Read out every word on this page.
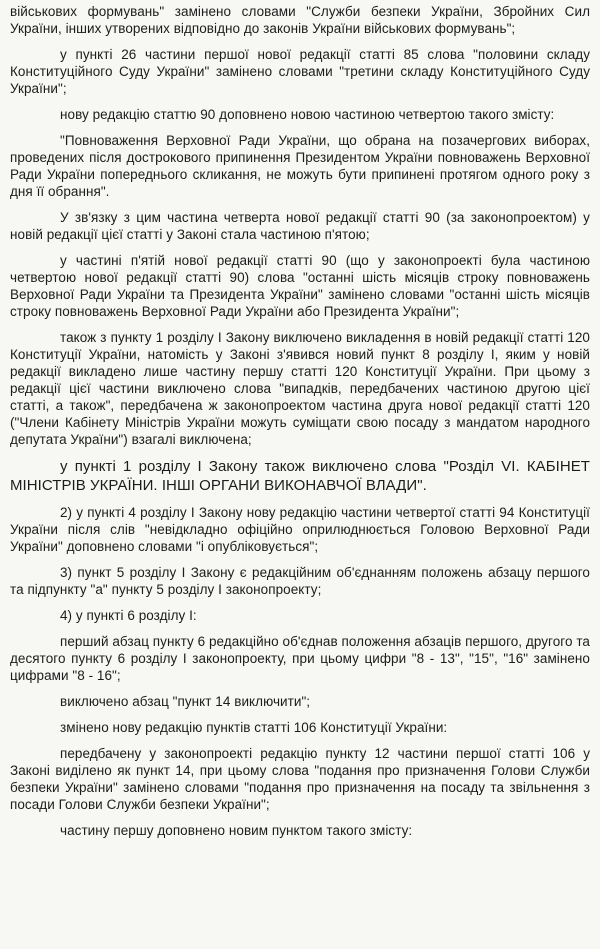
військових формувань" замінено словами "Служби безпеки України, Збройних Сил України, інших утворених відповідно до законів України військових формувань";

у пункті 26 частини першої нової редакції статті 85 слова "половини складу Конституційного Суду України" замінено словами "третини складу Конституційного Суду України";

нову редакцію статтю 90 доповнено новою частиною четвертою такого змісту:

"Повноваження Верховної Ради України, що обрана на позачергових виборах, проведених після дострокового припинення Президентом України повноважень Верховної Ради України попереднього скликання, не можуть бути припинені протягом одного року з дня її обрання".

У зв'язку з цим частина четверта нової редакції статті 90 (за законопроектом) у новій редакції цієї статті у Законі стала частиною п'ятою;

у частині п'ятій нової редакції статті 90 (що у законопроекті була частиною четвертою нової редакції статті 90) слова "останні шість місяців строку повноважень Верховної Ради України та Президента України" замінено словами "останні шість місяців строку повноважень Верховної Ради України або Президента України";

також з пункту 1 розділу I Закону виключено викладення в новій редакції статті 120 Конституції України, натомість у Законі з'явився новий пункт 8 розділу I, яким у новій редакції викладено лише частину першу статті 120 Конституції України. При цьому з редакції цієї частини виключено слова "випадків, передбачених частиною другою цієї статті, а також", передбачена ж законопроектом частина друга нової редакції статті 120 ("Члени Кабінету Міністрів України можуть суміщати свою посаду з мандатом народного депутата України") взагалі виключена;

у пункті 1 розділу I Закону також виключено слова "Розділ VI. КАБІНЕТ МІНІСТРІВ УКРАЇНИ. ІНШІ ОРГАНИ ВИКОНАВЧОЇ ВЛАДИ".

2) у пункті 4 розділу I Закону нову редакцію частини четвертої статті 94 Конституції України після слів "невідкладно офіційно оприлюднюється Головою Верховної Ради України" доповнено словами "і опубліковується";

3) пункт 5 розділу I Закону є редакційним об'єднанням положень абзацу першого та підпункту "а" пункту 5 розділу I законопроекту;

4) у пункті 6 розділу I:

перший абзац пункту 6 редакційно об'єднав положення абзаців першого, другого та десятого пункту 6 розділу I законопроекту, при цьому цифри "8 - 13", "15", "16" замінено цифрами "8 - 16";

виключено абзац "пункт 14 виключити";

змінено нову редакцію пунктів статті 106 Конституції України:

передбачену у законопроекті редакцію пункту 12 частини першої статті 106 у Законі виділено як пункт 14, при цьому слова "подання про призначення Голови Служби безпеки України" замінено словами "подання про призначення на посаду та звільнення з посади Голови Служби безпеки України";

частину першу доповнено новим пунктом такого змісту:
